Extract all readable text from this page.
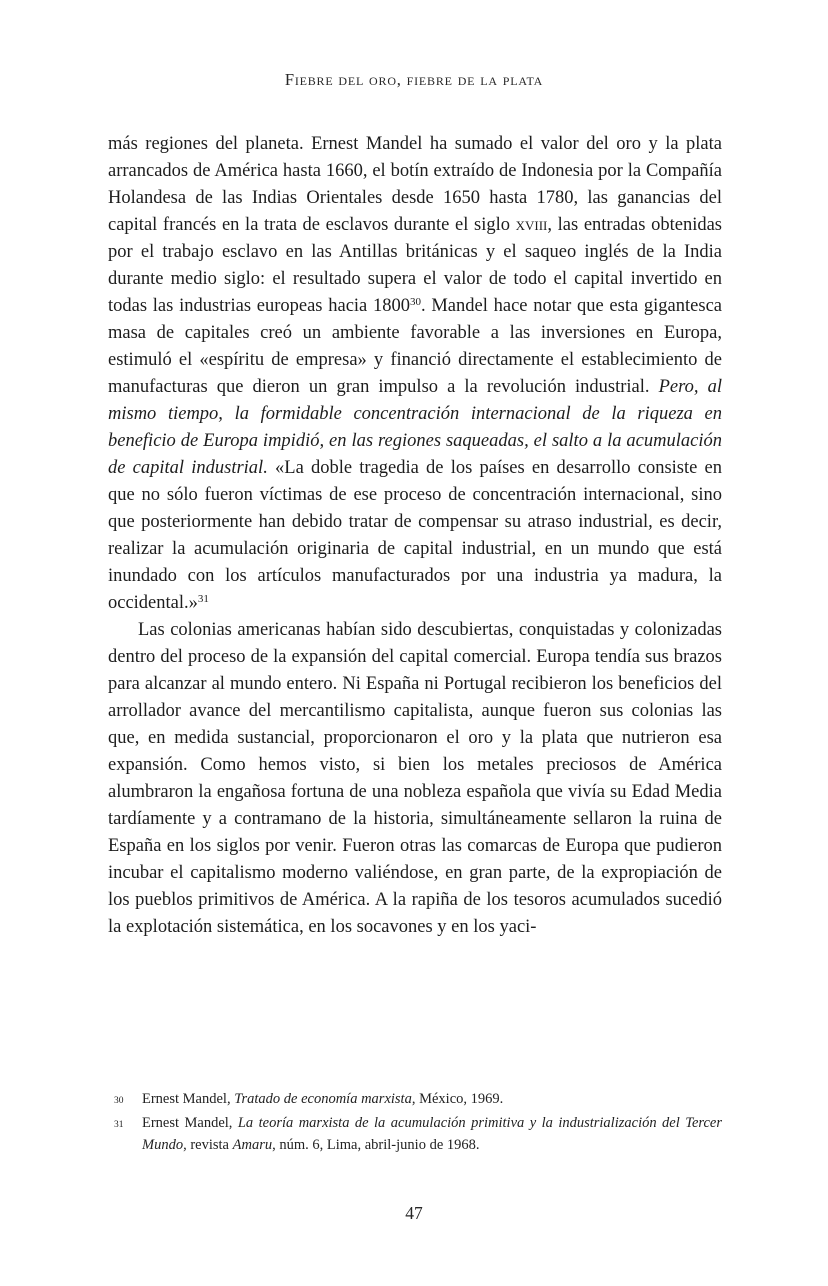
Fiebre del oro, fiebre de la plata

más regiones del planeta. Ernest Mandel ha sumado el valor del oro y la plata arrancados de América hasta 1660, el botín extraído de Indonesia por la Compañía Holandesa de las Indias Orientales desde 1650 hasta 1780, las ganancias del capital francés en la trata de esclavos durante el siglo xviii, las entradas obtenidas por el trabajo esclavo en las Antillas británicas y el saqueo inglés de la India durante medio siglo: el resultado supera el valor de todo el capital invertido en todas las industrias europeas hacia 1800$^{30}$. Mandel hace notar que esta gigantesca masa de capitales creó un ambiente favorable a las inversiones en Europa, estimuló el «espíritu de empresa» y financió directamente el establecimiento de manufacturas que dieron un gran impulso a la revolución industrial. Pero, al mismo tiempo, la formidable concentración internacional de la riqueza en beneficio de Europa impidió, en las regiones saqueadas, el salto a la acumulación de capital industrial. «La doble tragedia de los países en desarrollo consiste en que no sólo fueron víctimas de ese proceso de concentración internacional, sino que posteriormente han debido tratar de compensar su atraso industrial, es decir, realizar la acumulación originaria de capital industrial, en un mundo que está inundado con los artículos manufacturados por una industria ya madura, la occidental.»$^{31}$

Las colonias americanas habían sido descubiertas, conquistadas y colonizadas dentro del proceso de la expansión del capital comercial. Europa tendía sus brazos para alcanzar al mundo entero. Ni España ni Portugal recibieron los beneficios del arrollador avance del mercantilismo capitalista, aunque fueron sus colonias las que, en medida sustancial, proporcionaron el oro y la plata que nutrieron esa expansión. Como hemos visto, si bien los metales preciosos de América alumbraron la engañosa fortuna de una nobleza española que vivía su Edad Media tardíamente y a contramano de la historia, simultáneamente sellaron la ruina de España en los siglos por venir. Fueron otras las comarcas de Europa que pudieron incubar el capitalismo moderno valiéndose, en gran parte, de la expropiación de los pueblos primitivos de América. A la rapiña de los tesoros acumulados sucedió la explotación sistemática, en los socavones y en los yaci-

30	Ernest Mandel, Tratado de economía marxista, México, 1969.
31	Ernest Mandel, La teoría marxista de la acumulación primitiva y la industrialización del Tercer Mundo, revista Amaru, núm. 6, Lima, abril-junio de 1968.
47
